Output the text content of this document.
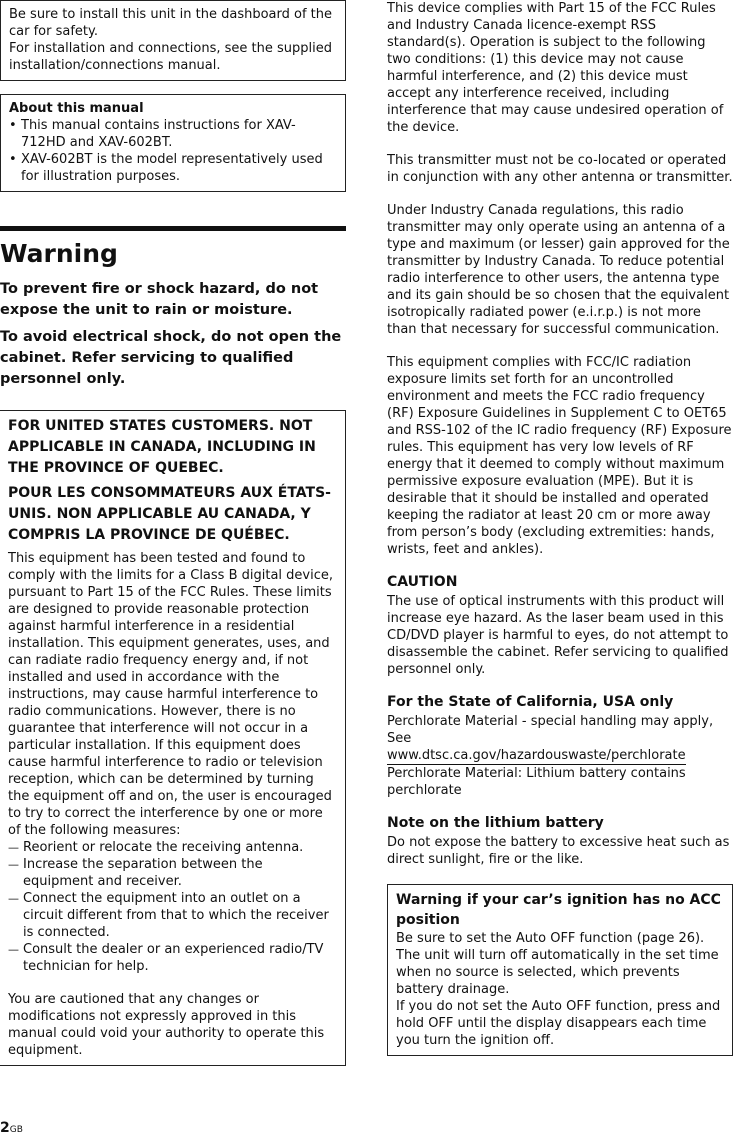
Be sure to install this unit in the dashboard of the car for safety.

For installation and connections, see the supplied installation/connections manual.

About this manual

• This manual contains instructions for XAV-712HD and XAV-602BT.
• XAV-602BT is the model representatively used for illustration purposes.
Warning

To prevent fire or shock hazard, do not expose the unit to rain or moisture.

To avoid electrical shock, do not open the cabinet. Refer servicing to qualified personnel only.

FOR UNITED STATES CUSTOMERS. NOT APPLICABLE IN CANADA, INCLUDING IN THE PROVINCE OF QUEBEC.

POUR LES CONSOMMATEURS AUX ÉTATS-UNIS. NON APPLICABLE AU CANADA, Y COMPRIS LA PROVINCE DE QUÉBEC.

This equipment has been tested and found to comply with the limits for a Class B digital device, pursuant to Part 15 of the FCC Rules. These limits are designed to provide reasonable protection against harmful interference in a residential installation. This equipment generates, uses, and can radiate radio frequency energy and, if not installed and used in accordance with the instructions, may cause harmful interference to radio communications. However, there is no guarantee that interference will not occur in a particular installation. If this equipment does cause harmful interference to radio or television reception, which can be determined by turning the equipment off and on, the user is encouraged to try to correct the interference by one or more of the following measures:

— Reorient or relocate the receiving antenna.
— Increase the separation between the equipment and receiver.
— Connect the equipment into an outlet on a circuit different from that to which the receiver is connected.
— Consult the dealer or an experienced radio/TV technician for help.

You are cautioned that any changes or modifications not expressly approved in this manual could void your authority to operate this equipment.

This device complies with Part 15 of the FCC Rules and Industry Canada licence-exempt RSS standard(s). Operation is subject to the following two conditions: (1) this device may not cause harmful interference, and (2) this device must accept any interference received, including interference that may cause undesired operation of the device.

This transmitter must not be co-located or operated in conjunction with any other antenna or transmitter.

Under Industry Canada regulations, this radio transmitter may only operate using an antenna of a type and maximum (or lesser) gain approved for the transmitter by Industry Canada. To reduce potential radio interference to other users, the antenna type and its gain should be so chosen that the equivalent isotropically radiated power (e.i.r.p.) is not more than that necessary for successful communication.

This equipment complies with FCC/IC radiation exposure limits set forth for an uncontrolled environment and meets the FCC radio frequency (RF) Exposure Guidelines in Supplement C to OET65 and RSS-102 of the IC radio frequency (RF) Exposure rules. This equipment has very low levels of RF energy that it deemed to comply without maximum permissive exposure evaluation (MPE). But it is desirable that it should be installed and operated keeping the radiator at least 20 cm or more away from person’s body (excluding extremities: hands, wrists, feet and ankles).

CAUTION

The use of optical instruments with this product will increase eye hazard. As the laser beam used in this CD/DVD player is harmful to eyes, do not attempt to disassemble the cabinet. Refer servicing to qualified personnel only.

For the State of California, USA only

Perchlorate Material - special handling may apply, See

www.dtsc.ca.gov/hazardouswaste/perchlorate

Perchlorate Material: Lithium battery contains perchlorate

Note on the lithium battery

Do not expose the battery to excessive heat such as direct sunlight, fire or the like.

Warning if your car’s ignition has no ACC position

Be sure to set the Auto OFF function (page 26). The unit will turn off automatically in the set time when no source is selected, which prevents battery drainage.

If you do not set the Auto OFF function, press and hold OFF until the display disappears each time you turn the ignition off.

2GB
